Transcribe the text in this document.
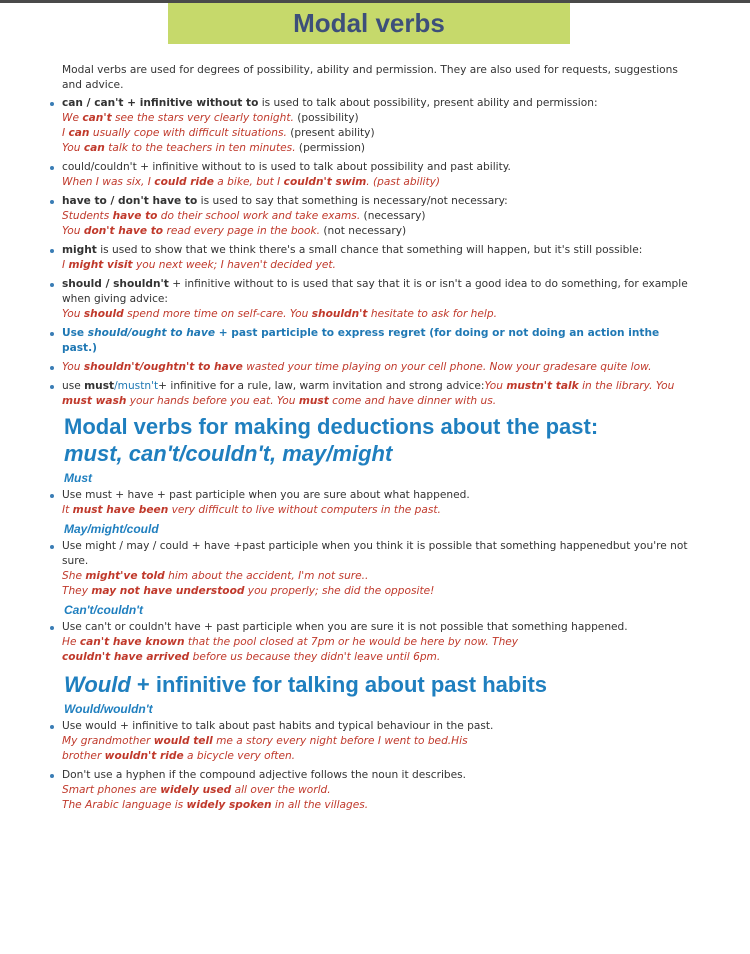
Modal verbs

Modal verbs are used for degrees of possibility, ability and permission. They are also used for requests, suggestions and advice.

can / can't + infinitive without to is used to talk about possibility, present ability and permission:

We can't see the stars very clearly tonight. (possibility)

I can usually cope with difficult situations. (present ability)

You can talk to the teachers in ten minutes. (permission)

could/couldn't + infinitive without to is used to talk about possibility and past ability.

When I was six, I could ride a bike, but I couldn't swim. (past ability)

have to / don't have to is used to say that something is necessary/not necessary:

Students have to do their school work and take exams. (necessary)

You don't have to read every page in the book. (not necessary)

might is used to show that we think there's a small chance that something will happen, but it's still possible:

I might visit you next week; I haven't decided yet.

should / shouldn't + infinitive without to is used that say that it is or isn't a good idea to do something, for example when giving advice:

You should spend more time on self-care. You shouldn't hesitate to ask for help.

Use should/ought to have + past participle to express regret (for doing or not doing an action inthe past.)

You shouldn't/oughtn't to have wasted your time playing on your cell phone. Now your gradesare quite low.

use must/mustn't+ infinitive for a rule, law, warm invitation and strong advice:You mustn't talk in the library. You must wash your hands before you eat. You must come and have dinner with us.

Modal verbs for making deductions about the past:
must, can't/couldn't, may/might
Must

Use must + have + past participle when you are sure about what happened.

It must have been very difficult to live without computers in the past.

May/might/could

Use might / may / could + have +past participle when you think it is possible that something happenedbut you're not sure.

She might've told him about the accident, I'm not sure..

They may not have understood you properly; she did the opposite!

Can't/couldn't

Use can't or couldn't have + past participle when you are sure it is not possible that something happened.

He can't have known that the pool closed at 7pm or he would be here by now. They

couldn't have arrived before us because they didn't leave until 6pm.

Would + infinitive for talking about past habits
Would/wouldn't

Use would + infinitive to talk about past habits and typical behaviour in the past.

My grandmother would tell me a story every night before I went to bed.His

brother wouldn't ride a bicycle very often.

Don't use a hyphen if the compound adjective follows the noun it describes.

Smart phones are widely used all over the world.

The Arabic language is widely spoken in all the villages.
